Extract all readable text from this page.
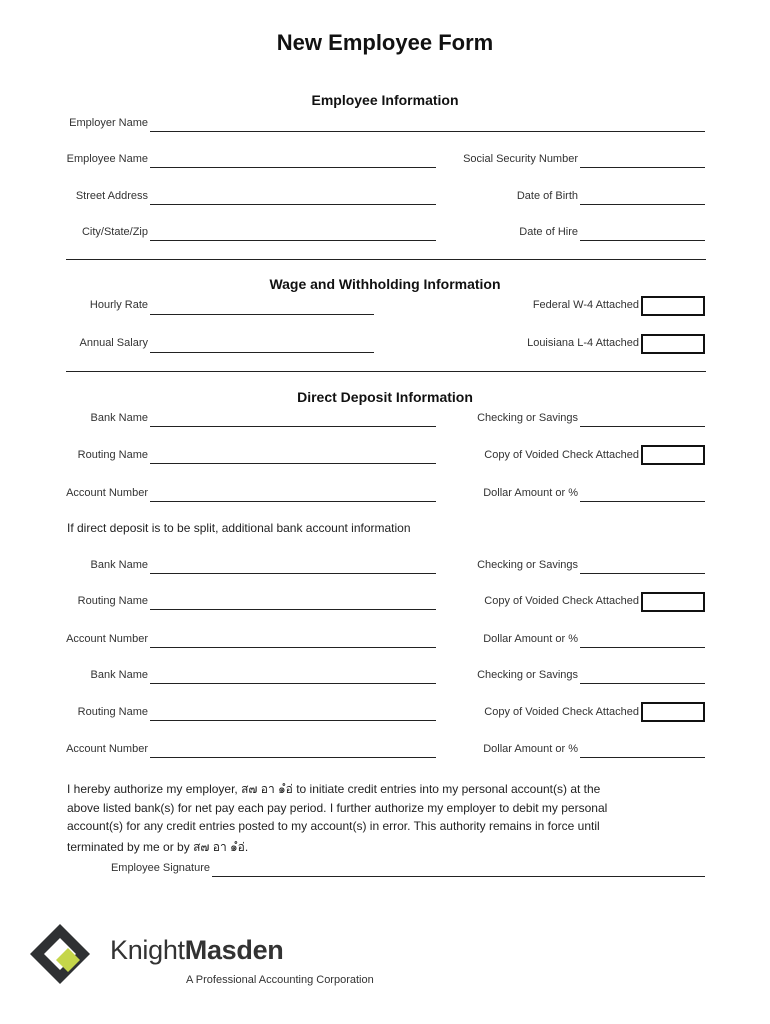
New Employee Form
Employee Information
Employer Name
Employee Name	Social Security Number
Street Address	Date of Birth
City/State/Zip	Date of Hire
Wage and Withholding Information
Hourly Rate	Federal W-4 Attached
Annual Salary	Louisiana L-4 Attached
Direct Deposit Information
Bank Name	Checking or Savings
Routing Name	Copy of Voided Check Attached
Account Number	Dollar Amount or %
If direct deposit is to be split, additional bank account information
Bank Name	Checking or Savings
Routing Name	Copy of Voided Check Attached
Account Number	Dollar Amount or %
Bank Name	Checking or Savings
Routing Name	Copy of Voided Check Attached
Account Number	Dollar Amount or %
I hereby authorize my employer, ส๗ อา ๑ํอ่ to initiate credit entries into my personal account(s) at the
above listed bank(s) for net pay each pay period. I further authorize my employer to debit my personal
account(s) for any credit entries posted to my account(s) in error. This authority remains in force until
terminated by me or by ส๗ อา ๑ํอ่.
Employee Signature
KnightMasden
A Professional Accounting Corporation
